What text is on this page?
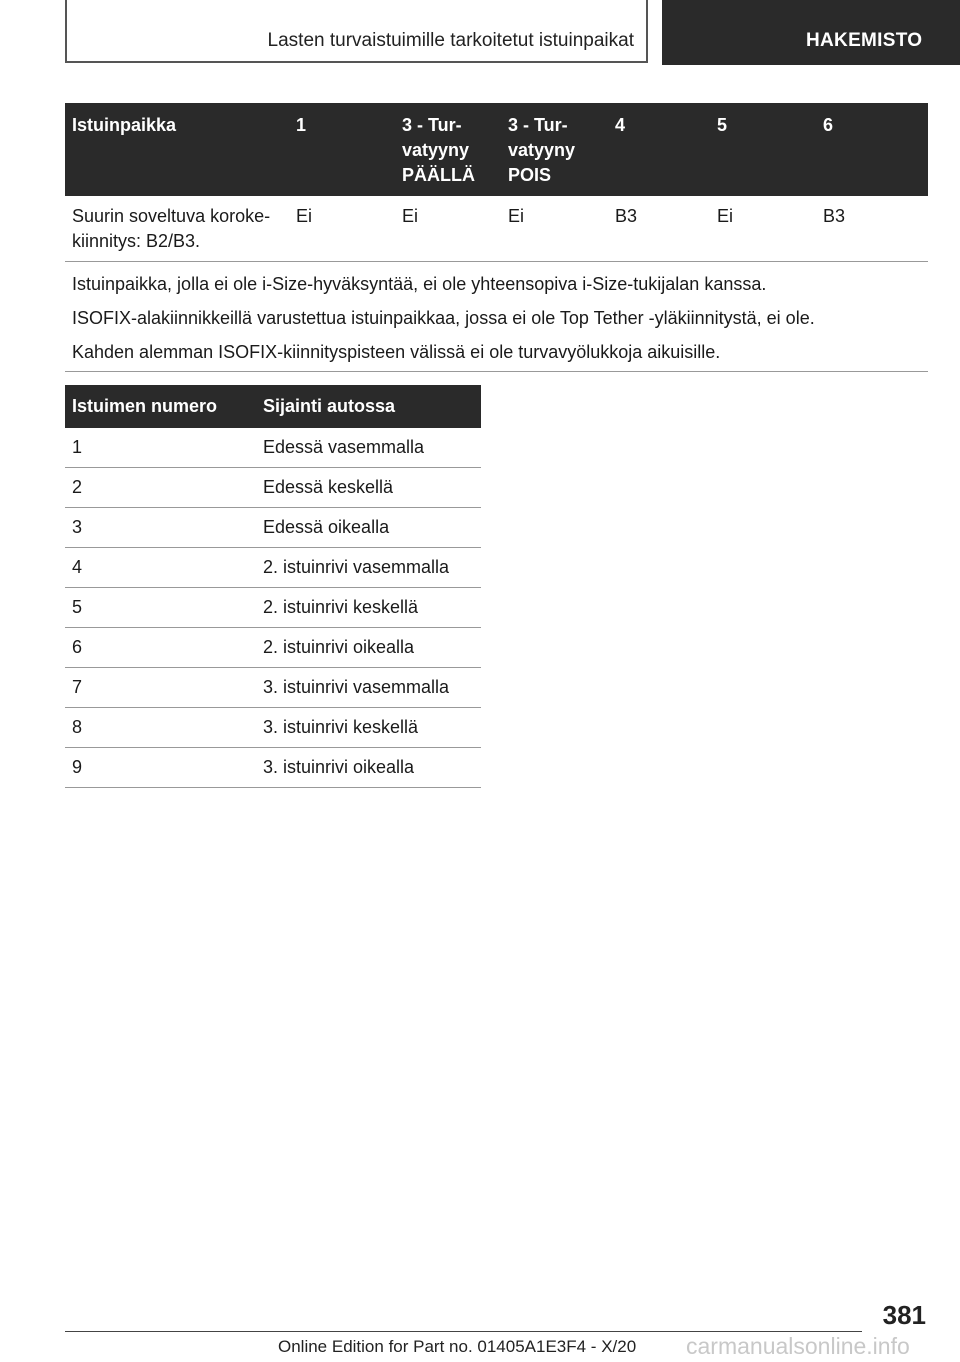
Lasten turvaistuimille tarkoitetut istuinpaikat	HAKEMISTO
Istuinpaikka	1	3 - Turvatyyny PÄÄLLÄ	3 - Turvatyyny POIS	4	5	6
Suurin soveltuva korokekiinnitys: B2/B3.	Ei	Ei	Ei	B3	Ei	B3

Istuinpaikka, jolla ei ole i-Size-hyväksyntää, ei ole yhteensopiva i-Size-tukijalan kanssa.

ISOFIX-alakiinnikkeillä varustettua istuinpaikkaa, jossa ei ole Top Tether -yläkiinnitystä, ei ole.

Kahden alemman ISOFIX-kiinnityspisteen välissä ei ole turvavyölukkoja aikuisille.						

Istuimen numero	Sijainti autossa
1	Edessä vasemmalla
2	Edessä keskellä
3	Edessä oikealla
4	2. istuinrivi vasemmalla
5	2. istuinrivi keskellä
6	2. istuinrivi oikealla
7	3. istuinrivi vasemmalla
8	3. istuinrivi keskellä
9	3. istuinrivi oikealla
381
Online Edition for Part no. 01405A1E3F4 - X/20 carmanualsonline.info
